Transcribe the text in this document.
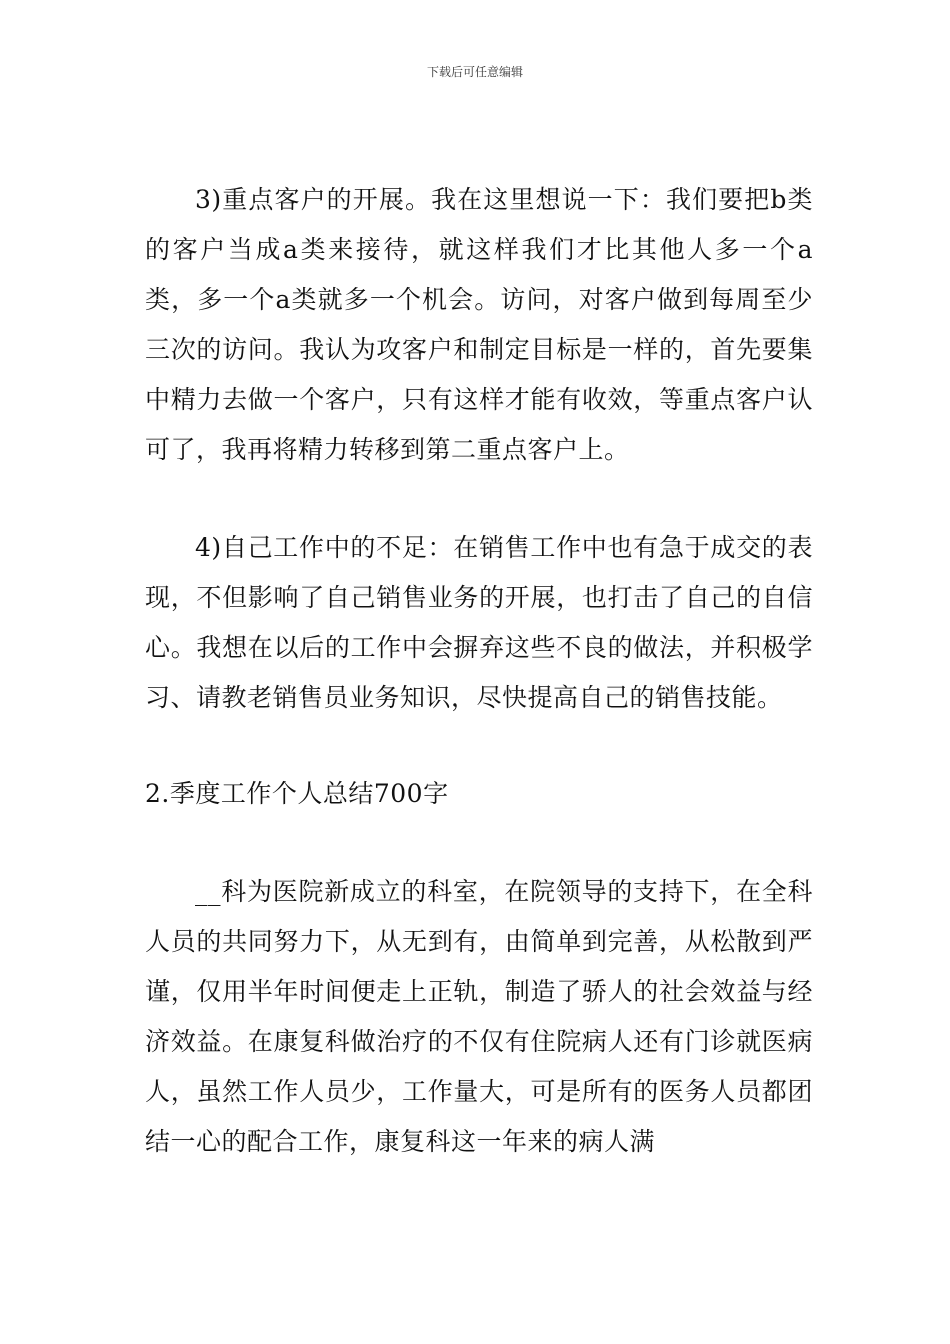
下载后可任意编辑

3)重点客户的开展。我在这里想说一下：我们要把b类的客户当成a类来接待，就这样我们才比其他人多一个a类，多一个a类就多一个机会。访问，对客户做到每周至少三次的访问。我认为攻客户和制定目标是一样的，首先要集中精力去做一个客户，只有这样才能有收效，等重点客户认可了，我再将精力转移到第二重点客户上。

4)自己工作中的不足：在销售工作中也有急于成交的表现，不但影响了自己销售业务的开展，也打击了自己的自信心。我想在以后的工作中会摒弃这些不良的做法，并积极学习、请教老销售员业务知识，尽快提高自己的销售技能。

2.季度工作个人总结700字

__科为医院新成立的科室，在院领导的支持下，在全科人员的共同努力下，从无到有，由简单到完善，从松散到严谨，仅用半年时间便走上正轨，制造了骄人的社会效益与经济效益。在康复科做治疗的不仅有住院病人还有门诊就医病人，虽然工作人员少，工作量大，可是所有的医务人员都团结一心的配合工作，康复科这一年来的病人满
